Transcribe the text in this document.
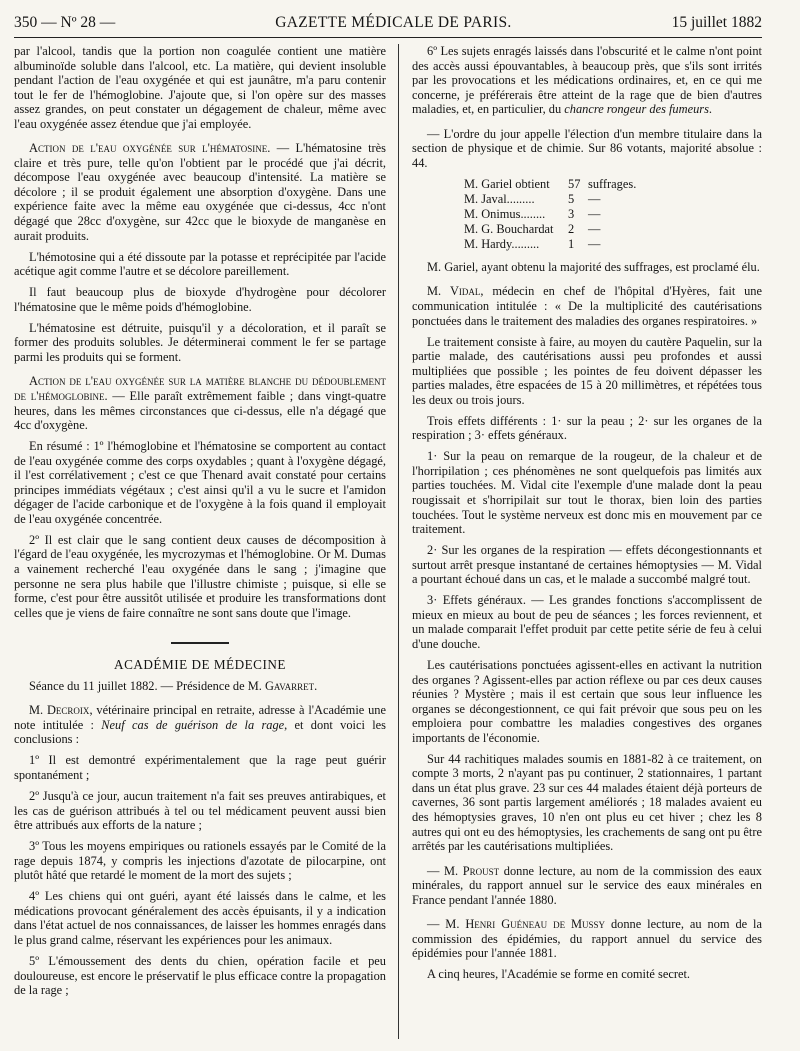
350 — Nº 28 —	GAZETTE MÉDICALE DE PARIS.	15 juillet 1882

par l'alcool, tandis que la portion non coagulée contient une matière albuminoïde soluble dans l'alcool, etc. La matière, qui devient insoluble pendant l'action de l'eau oxygénée et qui est jaunâtre, m'a paru contenir tout le fer de l'hémoglobine. J'ajoute que, si l'on opère sur des masses assez grandes, on peut constater un dégagement de chaleur, même avec l'eau oxygénée assez étendue que j'ai employée.

Action de l'eau oxygénée sur l'hématosine. — L'hématosine très claire et très pure, telle qu'on l'obtient par le procédé que j'ai décrit, décompose l'eau oxygénée avec beaucoup d'intensité. La matière se décolore ; il se produit également une absorption d'oxygène. Dans une expérience faite avec la même eau oxygénée que ci-dessus, 4cc n'ont dégagé que 28cc d'oxygène, sur 42cc que le bioxyde de manganèse en aurait produits.

L'hémotosine qui a été dissoute par la potasse et reprécipitée par l'acide acétique agit comme l'autre et se décolore pareillement.

Il faut beaucoup plus de bioxyde d'hydrogène pour décolorer l'hématosine que le même poids d'hémoglobine.

L'hématosine est détruite, puisqu'il y a décoloration, et il paraît se former des produits solubles. Je déterminerai comment le fer se partage parmi les produits qui se forment.

Action de l'eau oxygénée sur la matière blanche du dédoublement de l'hémoglobine. — Elle paraît extrêmement faible ; dans vingt-quatre heures, dans les mêmes circonstances que ci-dessus, elle n'a dégagé que 4cc d'oxygène.

En résumé : 1º l'hémoglobine et l'hématosine se comportent au contact de l'eau oxygénée comme des corps oxydables ; quant à l'oxygène dégagé, il l'est corrélativement ; c'est ce que Thenard avait constaté pour certains principes immédiats végétaux ; c'est ainsi qu'il a vu le sucre et l'amidon dégager de l'acide carbonique et de l'oxygène à la fois quand il employait de l'eau oxygénée concentrée.

2º Il est clair que le sang contient deux causes de décomposition à l'égard de l'eau oxygénée, les mycrozymas et l'hémoglobine. Or M. Dumas a vainement recherché l'eau oxygénée dans le sang ; j'imagine que personne ne sera plus habile que l'illustre chimiste ; puisque, si elle se forme, c'est pour être aussitôt utilisée et produire les transformations dont celles que je viens de faire connaître ne sont sans doute que l'image.

ACADÉMIE DE MÉDECINE

Séance du 11 juillet 1882. — Présidence de M. Gavarret.

M. Decroix, vétérinaire principal en retraite, adresse à l'Académie une note intitulée : Neuf cas de guérison de la rage, et dont voici les conclusions :

1º Il est demontré expérimentalement que la rage peut guérir spontanément ;

2º Jusqu'à ce jour, aucun traitement n'a fait ses preuves antirabiques, et les cas de guérison attribués à tel ou tel médicament peuvent aussi bien être attribués aux efforts de la nature ;

3º Tous les moyens empiriques ou rationels essayés par le Comité de la rage depuis 1874, y compris les injections d'azotate de pilocarpine, ont plutôt hâté que retardé le moment de la mort des sujets ;

4º Les chiens qui ont guéri, ayant été laissés dans le calme, et les médications provocant généralement des accès épuisants, il y a indication dans l'état actuel de nos connaissances, de laisser les hommes enragés dans le plus grand calme, réservant les expériences pour les animaux.

5º L'émoussement des dents du chien, opération facile et peu douloureuse, est encore le préservatif le plus efficace contre la propagation de la rage ;

6º Les sujets enragés laissés dans l'obscurité et le calme n'ont point des accès aussi épouvantables, à beaucoup près, que s'ils sont irrités par les provocations et les médications ordinaires, et, en ce qui me concerne, je préférerais être atteint de la rage que de bien d'autres maladies, et, en particulier, du chancre rongeur des fumeurs.

— L'ordre du jour appelle l'élection d'un membre titulaire dans la section de physique et de chimie. Sur 86 votants, majorité absolue : 44.

M. Gariel obtient	57 suffrages.
M. Javal.........	5	—
M. Onimus........	3	—
M. G. Bouchardat	2	—
M. Hardy.........	1	—

M. Gariel, ayant obtenu la majorité des suffrages, est proclamé élu.

M. Vidal, médecin en chef de l'hôpital d'Hyères, fait une communication intitulée : « De la multiplicité des cautérisations ponctuées dans le traitement des maladies des organes respiratoires. »

Le traitement consiste à faire, au moyen du cautère Paquelin, sur la partie malade, des cautérisations aussi peu profondes et aussi multipliées que possible ; les pointes de feu doivent dépasser les parties malades, être espacées de 15 à 20 millimètres, et répétées tous les deux ou trois jours.

Trois effets différents : 1· sur la peau ; 2· sur les organes de la respiration ; 3· effets généraux.

1· Sur la peau on remarque de la rougeur, de la chaleur et de l'horripilation ; ces phénomènes ne sont quelquefois pas limités aux parties touchées. M. Vidal cite l'exemple d'une malade dont la peau rougissait et s'horripilait sur tout le thorax, bien loin des parties touchées. Tout le système nerveux est donc mis en mouvement par ce traitement.

2· Sur les organes de la respiration — effets décongestionnants et surtout arrêt presque instantané de certaines hémoptysies — M. Vidal a pourtant échoué dans un cas, et le malade a succombé malgré tout.

3· Effets généraux. — Les grandes fonctions s'accomplissent de mieux en mieux au bout de peu de séances ; les forces reviennent, et un malade comparait l'effet produit par cette petite série de feu à celui d'une douche.

Les cautérisations ponctuées agissent-elles en activant la nutrition des organes ? Agissent-elles par action réflexe ou par ces deux causes réunies ? Mystère ; mais il est certain que sous leur influence les organes se décongestionnent, ce qui fait prévoir que sous peu on les emploiera pour combattre les maladies congestives des organes importants de l'économie.

Sur 44 rachitiques malades soumis en 1881-82 à ce traitement, on compte 3 morts, 2 n'ayant pas pu continuer, 2 stationnaires, 1 partant dans un état plus grave. 23 sur ces 44 malades étaient déjà porteurs de cavernes, 36 sont partis largement améliorés ; 18 malades avaient eu des hémoptysies graves, 10 n'en ont plus eu cet hiver ; chez les 8 autres qui ont eu des hémoptysies, les crachements de sang ont pu être arrêtés par les cautérisations multipliées.

— M. Proust donne lecture, au nom de la commission des eaux minérales, du rapport annuel sur le service des eaux minérales en France pendant l'année 1880.

— M. Henri Guéneau de Mussy donne lecture, au nom de la commission des épidémies, du rapport annuel du service des épidémies pour l'année 1881.

A cinq heures, l'Académie se forme en comité secret.
